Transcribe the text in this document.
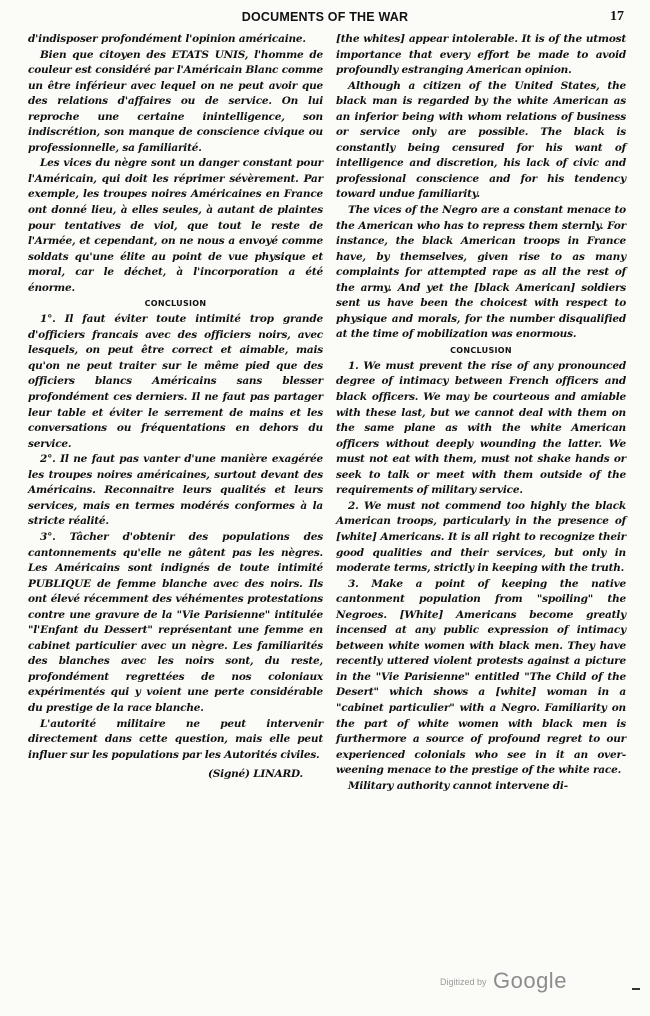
DOCUMENTS OF THE WAR	17

d'indisposer profondément l'opinion américaine.

Bien que citoyen des ETATS UNIS, l'homme de couleur est considéré par l'Américain Blanc comme un être inférieur avec lequel on ne peut avoir que des relations d'affaires ou de service. On lui reproche une certaine inintelligence, son indiscrétion, son manque de conscience civique ou professionnelle, sa familiarité.

Les vices du nègre sont un danger constant pour l'Américain, qui doit les réprimer sévèrement. Par exemple, les troupes noires Américaines en France ont donné lieu, à elles seules, à autant de plaintes pour tentatives de viol, que tout le reste de l'Armée, et cependant, on ne nous a envoyé comme soldats qu'une élite au point de vue physique et moral, car le déchet, à l'incorporation a été énorme.

CONCLUSION

1°. Il faut éviter toute intimité trop grande d'officiers francais avec des officiers noirs, avec lesquels, on peut être correct et aimable, mais qu'on ne peut traiter sur le même pied que des officiers blancs Américains sans blesser profondément ces derniers. Il ne faut pas partager leur table et éviter le serrement de mains et les conversations ou fréquentations en dehors du service.

2°. Il ne faut pas vanter d'une manière exagérée les troupes noires américaines, surtout devant des Américains. Reconnaitre leurs qualités et leurs services, mais en termes modérés conformes à la stricte réalité.

3°. Tâcher d'obtenir des populations des cantonnements qu'elle ne gâtent pas les nègres. Les Américains sont indignés de toute intimité PUBLIQUE de femme blanche avec des noirs. Ils ont élevé récemment des véhémentes protestations contre une gravure de la "Vie Parisienne" intitulée "l'Enfant du Dessert" représentant une femme en cabinet particulier avec un nègre. Les familiarités des blanches avec les noirs sont, du reste, profondément regrettées de nos coloniaux expérimentés qui y voient une perte considérable du prestige de la race blanche.

L'autorité militaire ne peut intervenir directement dans cette question, mais elle peut influer sur les populations par les Autorités civiles.

(Signé) LINARD.

[the whites] appear intolerable. It is of the utmost importance that every effort be made to avoid profoundly estranging American opinion.

Although a citizen of the United States, the black man is regarded by the white American as an inferior being with whom relations of business or service only are possible. The black is constantly being censured for his want of intelligence and discretion, his lack of civic and professional conscience and for his tendency toward undue familiarity.

The vices of the Negro are a constant menace to the American who has to repress them sternly. For instance, the black American troops in France have, by themselves, given rise to as many complaints for attempted rape as all the rest of the army. And yet the [black American] soldiers sent us have been the choicest with respect to physique and morals, for the number disqualified at the time of mobilization was enormous.

CONCLUSION

1. We must prevent the rise of any pronounced degree of intimacy between French officers and black officers. We may be courteous and amiable with these last, but we cannot deal with them on the same plane as with the white American officers without deeply wounding the latter. We must not eat with them, must not shake hands or seek to talk or meet with them outside of the requirements of military service.

2. We must not commend too highly the black American troops, particularly in the presence of [white] Americans. It is all right to recognize their good qualities and their services, but only in moderate terms, strictly in keeping with the truth.

3. Make a point of keeping the native cantonment population from "spoiling" the Negroes. [White] Americans become greatly incensed at any public expression of intimacy between white women with black men. They have recently uttered violent protests against a picture in the "Vie Parisienne" entitled "The Child of the Desert" which shows a [white] woman in a "cabinet particulier" with a Negro. Familiarity on the part of white women with black men is furthermore a source of profound regret to our experienced colonials who see in it an over-weening menace to the prestige of the white race.

Military authority cannot intervene di-

Digitized by Google
